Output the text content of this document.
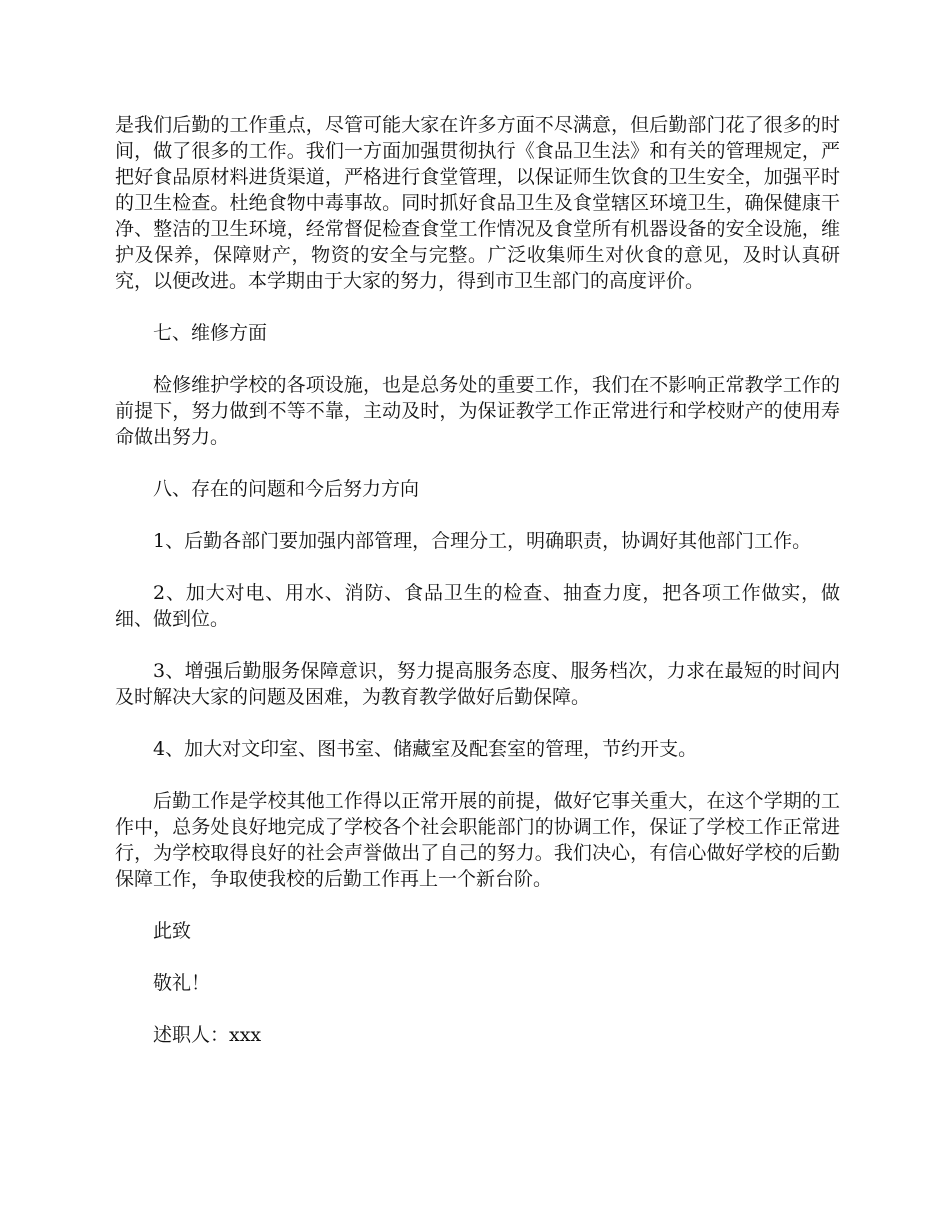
是我们后勤的工作重点，尽管可能大家在许多方面不尽满意，但后勤部门花了很多的时间，做了很多的工作。我们一方面加强贯彻执行《食品卫生法》和有关的管理规定，严把好食品原材料进货渠道，严格进行食堂管理，以保证师生饮食的卫生安全，加强平时的卫生检查。杜绝食物中毒事故。同时抓好食品卫生及食堂辖区环境卫生，确保健康干净、整洁的卫生环境，经常督促检查食堂工作情况及食堂所有机器设备的安全设施，维护及保养，保障财产，物资的安全与完整。广泛收集师生对伙食的意见，及时认真研究，以便改进。本学期由于大家的努力，得到市卫生部门的高度评价。

七、维修方面

检修维护学校的各项设施，也是总务处的重要工作，我们在不影响正常教学工作的前提下，努力做到不等不靠，主动及时，为保证教学工作正常进行和学校财产的使用寿命做出努力。

八、存在的问题和今后努力方向

1、后勤各部门要加强内部管理，合理分工，明确职责，协调好其他部门工作。

2、加大对电、用水、消防、食品卫生的检查、抽查力度，把各项工作做实，做细、做到位。

3、增强后勤服务保障意识，努力提高服务态度、服务档次，力求在最短的时间内及时解决大家的问题及困难，为教育教学做好后勤保障。

4、加大对文印室、图书室、储藏室及配套室的管理，节约开支。

后勤工作是学校其他工作得以正常开展的前提，做好它事关重大，在这个学期的工作中，总务处良好地完成了学校各个社会职能部门的协调工作，保证了学校工作正常进行，为学校取得良好的社会声誉做出了自己的努力。我们决心，有信心做好学校的后勤保障工作，争取使我校的后勤工作再上一个新台阶。

此致

敬礼！

述职人：xxx
